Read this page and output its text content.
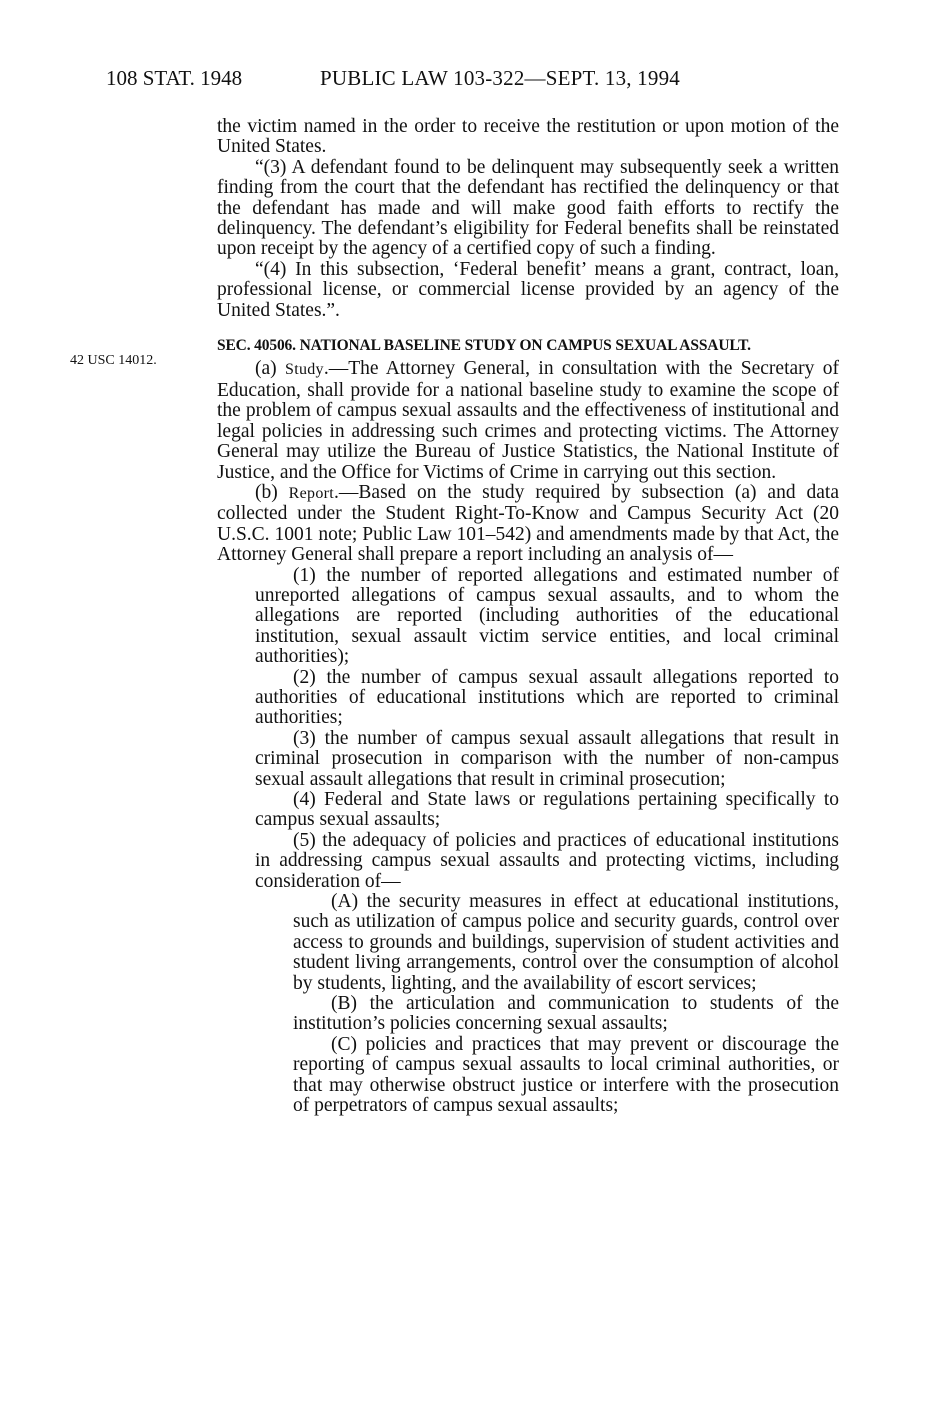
108 STAT. 1948	PUBLIC LAW 103-322—SEPT. 13, 1994
42 USC 14012.

the victim named in the order to receive the restitution or upon motion of the United States.

“(3) A defendant found to be delinquent may subsequently seek a written finding from the court that the defendant has rectified the delinquency or that the defendant has made and will make good faith efforts to rectify the delinquency. The defendant’s eligibility for Federal benefits shall be reinstated upon receipt by the agency of a certified copy of such a finding.

“(4) In this subsection, ‘Federal benefit’ means a grant, contract, loan, professional license, or commercial license provided by an agency of the United States.”.

SEC. 40506. NATIONAL BASELINE STUDY ON CAMPUS SEXUAL ASSAULT.

(a) Study.—The Attorney General, in consultation with the Secretary of Education, shall provide for a national baseline study to examine the scope of the problem of campus sexual assaults and the effectiveness of institutional and legal policies in addressing such crimes and protecting victims. The Attorney General may utilize the Bureau of Justice Statistics, the National Institute of Justice, and the Office for Victims of Crime in carrying out this section.

(b) Report.—Based on the study required by subsection (a) and data collected under the Student Right-To-Know and Campus Security Act (20 U.S.C. 1001 note; Public Law 101–542) and amendments made by that Act, the Attorney General shall prepare a report including an analysis of—

(1) the number of reported allegations and estimated number of unreported allegations of campus sexual assaults, and to whom the allegations are reported (including authorities of the educational institution, sexual assault victim service entities, and local criminal authorities);

(2) the number of campus sexual assault allegations reported to authorities of educational institutions which are reported to criminal authorities;

(3) the number of campus sexual assault allegations that result in criminal prosecution in comparison with the number of non-campus sexual assault allegations that result in criminal prosecution;

(4) Federal and State laws or regulations pertaining specifically to campus sexual assaults;

(5) the adequacy of policies and practices of educational institutions in addressing campus sexual assaults and protecting victims, including consideration of—

(A) the security measures in effect at educational institutions, such as utilization of campus police and security guards, control over access to grounds and buildings, supervision of student activities and student living arrangements, control over the consumption of alcohol by students, lighting, and the availability of escort services;

(B) the articulation and communication to students of the institution’s policies concerning sexual assaults;

(C) policies and practices that may prevent or discourage the reporting of campus sexual assaults to local criminal authorities, or that may otherwise obstruct justice or interfere with the prosecution of perpetrators of campus sexual assaults;
